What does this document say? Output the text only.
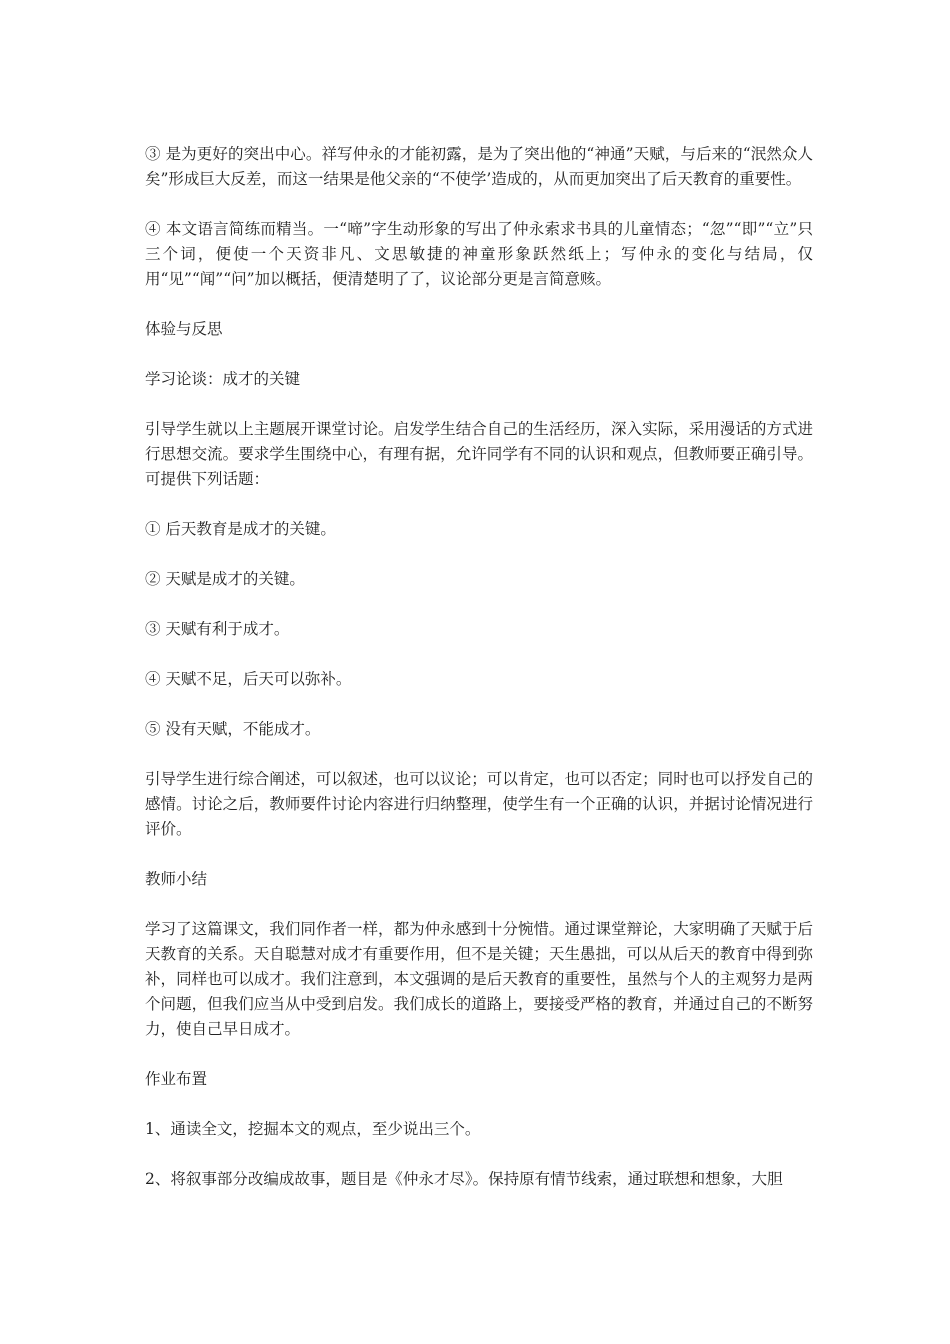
③ 是为更好的突出中心。祥写仲永的才能初露，是为了突出他的“神通”天赋，与后来的“泯然众人矣”形成巨大反差，而这一结果是他父亲的“不使学’造成的，从而更加突出了后天教育的重要性。

④ 本文语言简练而精当。一“啼”字生动形象的写出了仲永索求书具的儿童情态；“忽”“即”“立”只三个词，便使一个天资非凡、文思敏捷的神童形象跃然纸上；写仲永的变化与结局，仅用“见”“闻”“问”加以概括，便清楚明了了，议论部分更是言简意赅。

体验与反思

学习论谈：成才的关键

引导学生就以上主题展开课堂讨论。启发学生结合自己的生活经历，深入实际，采用漫话的方式进行思想交流。要求学生围绕中心，有理有据，允许同学有不同的认识和观点，但教师要正确引导。可提供下列话题：

① 后天教育是成才的关键。

② 天赋是成才的关键。

③ 天赋有利于成才。

④ 天赋不足，后天可以弥补。

⑤ 没有天赋，不能成才。

引导学生进行综合阐述，可以叙述，也可以议论；可以肯定，也可以否定；同时也可以抒发自己的感情。讨论之后，教师要件讨论内容进行归纳整理，使学生有一个正确的认识，并据讨论情况进行评价。

教师小结

学习了这篇课文，我们同作者一样，都为仲永感到十分惋惜。通过课堂辩论，大家明确了天赋于后天教育的关系。天自聪慧对成才有重要作用，但不是关键；天生愚拙，可以从后天的教育中得到弥补，同样也可以成才。我们注意到，本文强调的是后天教育的重要性，虽然与个人的主观努力是两个问题，但我们应当从中受到启发。我们成长的道路上，要接受严格的教育，并通过自己的不断努力，使自己早日成才。

作业布置

1、通读全文，挖掘本文的观点，至少说出三个。

2、将叙事部分改编成故事，题目是《仲永才尽》。保持原有情节线索，通过联想和想象，大胆
